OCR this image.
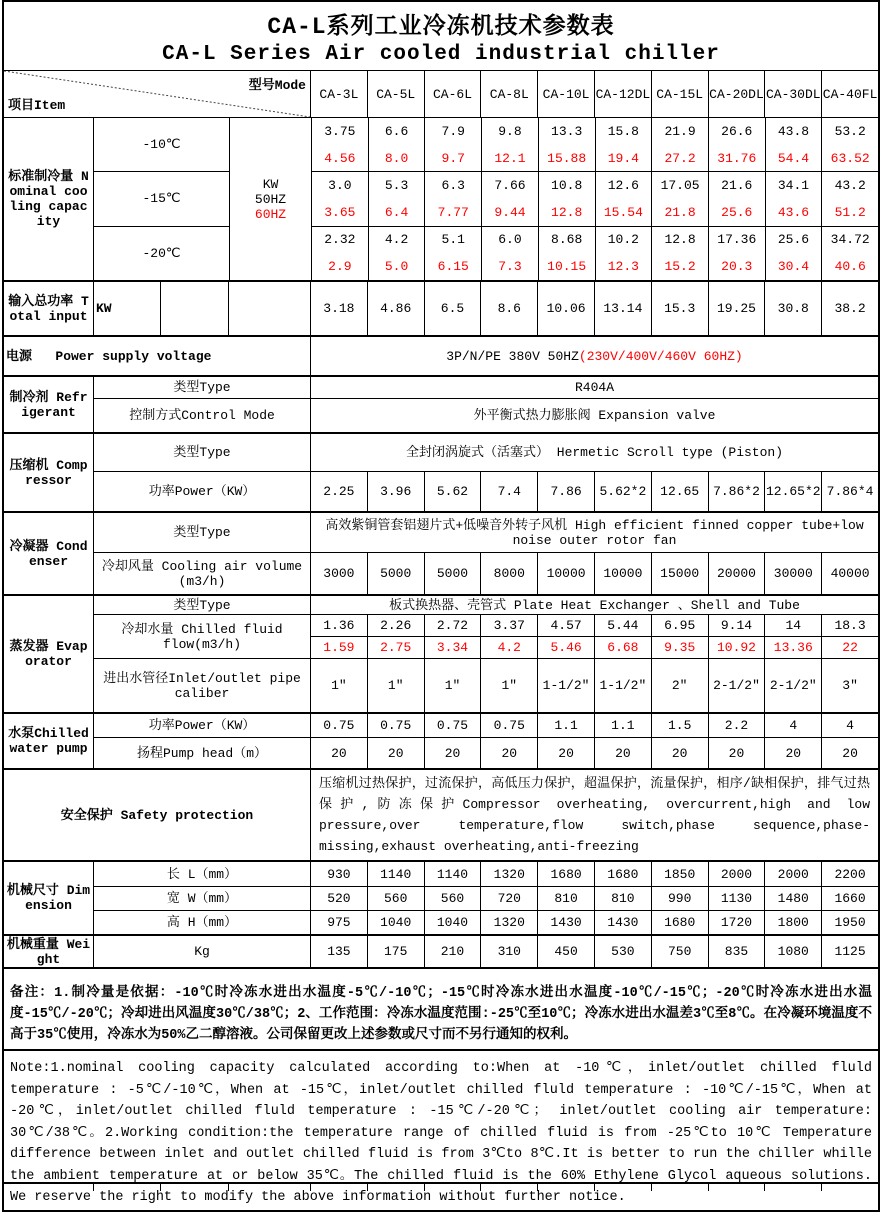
CA-L系列工业冷冻机技术参数表
CA-L Series Air cooled industrial chiller
型号Mode
项目Item
CA-3L	CA-5L	CA-6L	CA-8L	CA-10L CA-12DL CA-15L CA-20DL CA-30DL CA-40FL
标准制冷量 Nominal cooling capacity
-10℃
-15℃
-20℃
KW
50HZ
60HZ
3.75	6.6	7.9	9.8	13.3	15.8	21.9	26.6	43.8	53.2
4.56	8.0	9.7	12.1	15.88	19.4	27.2	31.76	54.4	63.52
3.0	5.3	6.3	7.66	10.8	12.6	17.05	21.6	34.1	43.2
3.65	6.4	7.77	9.44	12.8	15.54	21.8	25.6	43.6	51.2
2.32	4.2	5.1	6.0	8.68	10.2	12.8	17.36	25.6	34.72
2.9	5.0	6.15	7.3	10.15	12.3	15.2	20.3	30.4	40.6
输入总功率 Total input KW	3.18	4.86	6.5	8.6	10.06	13.14	15.3	19.25	30.8	38.2
电源   Power supply voltage	3P/N/PE 380V 50HZ (230V/400V/460V 60HZ)
制冷剂 Refrigerant
类型Type	R404A
控制方式Control Mode	外平衡式热力膨胀阀 Expansion valve
压缩机 Compressor
类型Type	全封闭涡旋式（活塞式） Hermetic Scroll type (Piston)
功率Power（KW）	2.25	3.96	5.62	7.4	7.86	5.62*2	12.65	7.86*2 12.65*2 7.86*4
冷凝器 Condenser
类型Type	高效紫铜管套铝翅片式+低噪音外转子风机 High efficient finned copper tube+low noise outer rotor fan
冷却风量 Cooling air volume (m3/h)	3000	5000	5000	8000	10000	10000	15000	20000	30000	40000
蒸发器 Evaporator
类型Type	板式换热器、壳管式 Plate Heat Exchanger 、Shell and Tube
冷却水量 Chilled fluid flow(m3/h)
1.36	2.26	2.72	3.37	4.57	5.44	6.95	9.14	14	18.3
1.59	2.75	3.34	4.2	5.46	6.68	9.35	10.92	13.36	22
进出水管径Inlet/outlet pipe caliber	1″	1″	1″	1″	1-1/2″ 1-1/2″	2″	2-1/2″ 2-1/2″	3″
水泵Chilled water pump
功率Power（KW）	0.75	0.75	0.75	0.75	1.1	1.1	1.5	2.2	4	4
扬程Pump head（m）	20	20	20	20	20	20	20	20	20	20
安全保护 Safety protection
压缩机过热保护，过流保护，高低压力保护，超温保护，流量保护，相序/缺相保护，排气过热保护,防冻保护Compressor overheating, overcurrent,high and low pressure,over temperature,flow switch,phase sequence,phase-missing,exhaust overheating,anti-freezing
机械尺寸 Dimension
长 L（mm）	930	1140	1140	1320	1680	1680	1850	2000	2000	2200
宽 W（mm）	520	560	560	720	810	810	990	1130	1480	1660
高 H（mm）	975	1040	1040	1320	1430	1430	1680	1720	1800	1950
机械重量 Weight	Kg	135	175	210	310	450	530	750	835	1080	1125
备注：1.制冷量是依据：-10℃时冷冻水进出水温度-5℃/-10℃；-15℃时冷冻水进出水温度-10℃/-15℃；-20℃时冷冻水进出水温度-15℃/-20℃；冷却进出风温度30℃/38℃；2、工作范围：冷冻水温度范围:-25℃至10℃；冷冻水进出水温差3℃至8℃。在冷凝环境温度不高于35℃使用，冷冻水为50%乙二醇溶液。公司保留更改上述参数或尺寸而不另行通知的权利。
Note:1.nominal cooling capacity calculated according to:When at -10℃，inlet/outlet chilled fluld temperature : -5℃/-10℃，When at -15℃，inlet/outlet chilled fluld temperature : -10℃/-15℃，When at -20℃，inlet/outlet chilled fluld temperature : -15℃/-20℃； inlet/outlet cooling air temperature: 30℃/38℃。2.Working condition:the temperature range of chilled fluid is from -25℃to 10℃ Temperature difference between inlet and outlet chilled fluid is from 3℃to 8℃.It is better to run the chiller whille the ambient temperature at or below 35℃。The chilled fluid is the 60% Ethylene Glycol aqueous solutions. We reserve the right to modify the above information without further notice.
